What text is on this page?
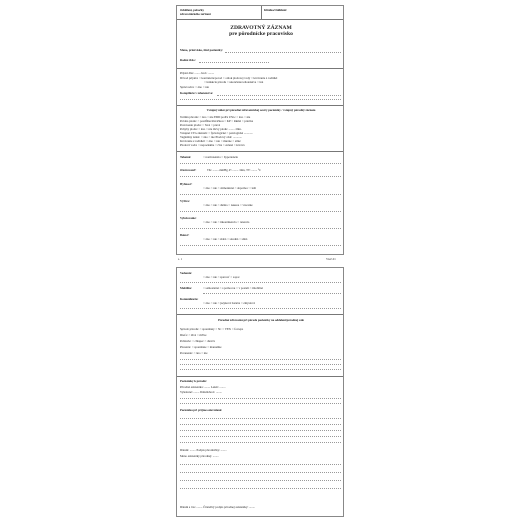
Oddělení, pobočky
zdravotnického zařízení
Klinika/Oddělení:
ZDRAVOTNÝ ZÁZNAM
pre pôrodnícke pracovisko
Meno, priezvisko, titul pacientky:
Rodné číslo:
Prijatá dňa: ........ hod.: ........
Dôvod prijatia: ○ kontrakcie/porod ○ odtok plodovej vody ○ krvácanie z rodidiel
○ indukcia pôrodu ○ ukončenie tehotenstva ○ iné
Sprievodca: ○ áno ○ nie
Kompilácie v tehotenstve:
Vstupný nález pri pôrodné zdravotníckej sestry pacientky / vstupný pôrodný záznam
Termín pôrodu: ○ áno ○ nie EDD podľa USG: ○ áno ○ nie
Poloha plodu: ○ pozdĺžna hlavičkou ○ KP ○ šikmá ○ priečna
Postavenie plodu: ○ ľavé ○ pravé
Pohyby plodu: ○ áno ○ nie Ozvy plodu: ........ /min.
Vstupné CTG záznam: ○ fyziologické ○ patologické ............
Vaginálny nález: ○ áno ○ nie Plodový obal: ............
Krvácanie z rodidiel: ○ áno ○ nie ○ mierne ○ silné
Plodová voda: ○ nepoznáme ○ číra ○ zelená ○ krvavá
Tehotné:	○ normotenzia ○ hypertenzia
Ošetrovateľ:	TK: ........ mmHg, P: ........ /min, TT: ........ °C
Hybnosť:
○ áno ○ nie ○ obmedzená ○ dopomoc ○ leží
Výživa:
○ áno ○ nie ○ diétna ○ nauzea ○ vracanie
Vylučovanie:
○ áno ○ nie ○ inkontinencia ○ retencia
Bolesť:
○ áno ○ nie ○ slabá ○ stredná ○ silná
s. 1	VAZ-01
Vedomie:
○ áno ○ nie ○ spavosť ○ sopor
Mobilita:	○ samostatná ○ s pomocou ○ v posteli ○ imobilná
Komunikácia:
○ áno ○ nie ○ jazyková bariéra ○ zmyslová
Pôrodná zdravotná pri pôrode pacientky na oddelení/pôrodnej sále
Spôsob pôrodu: ○ spontánny ○ SC ○ VEX ○ forceps
Dieťa: ○ živé ○ mŕtve
Pohlavie: ○ chlapec ○ dievča
Placenta: ○ spontánne ○ manuálne
Poranenie: ○ áno ○ nie
Poznámky k pôrodu:
Pôrodná asistentka: ........ Lekár: ........
Vyšetrené: ........ Dátum/hod.: ........
Pacientka pri príjme odovzdaná:
Dátum: ........ Podpis pôrodníčky: ........
Meno asistentky pôrodnej: ........
Dátum a čas: ........ Čitateľný podpis pôrodnej asistentky: ........
